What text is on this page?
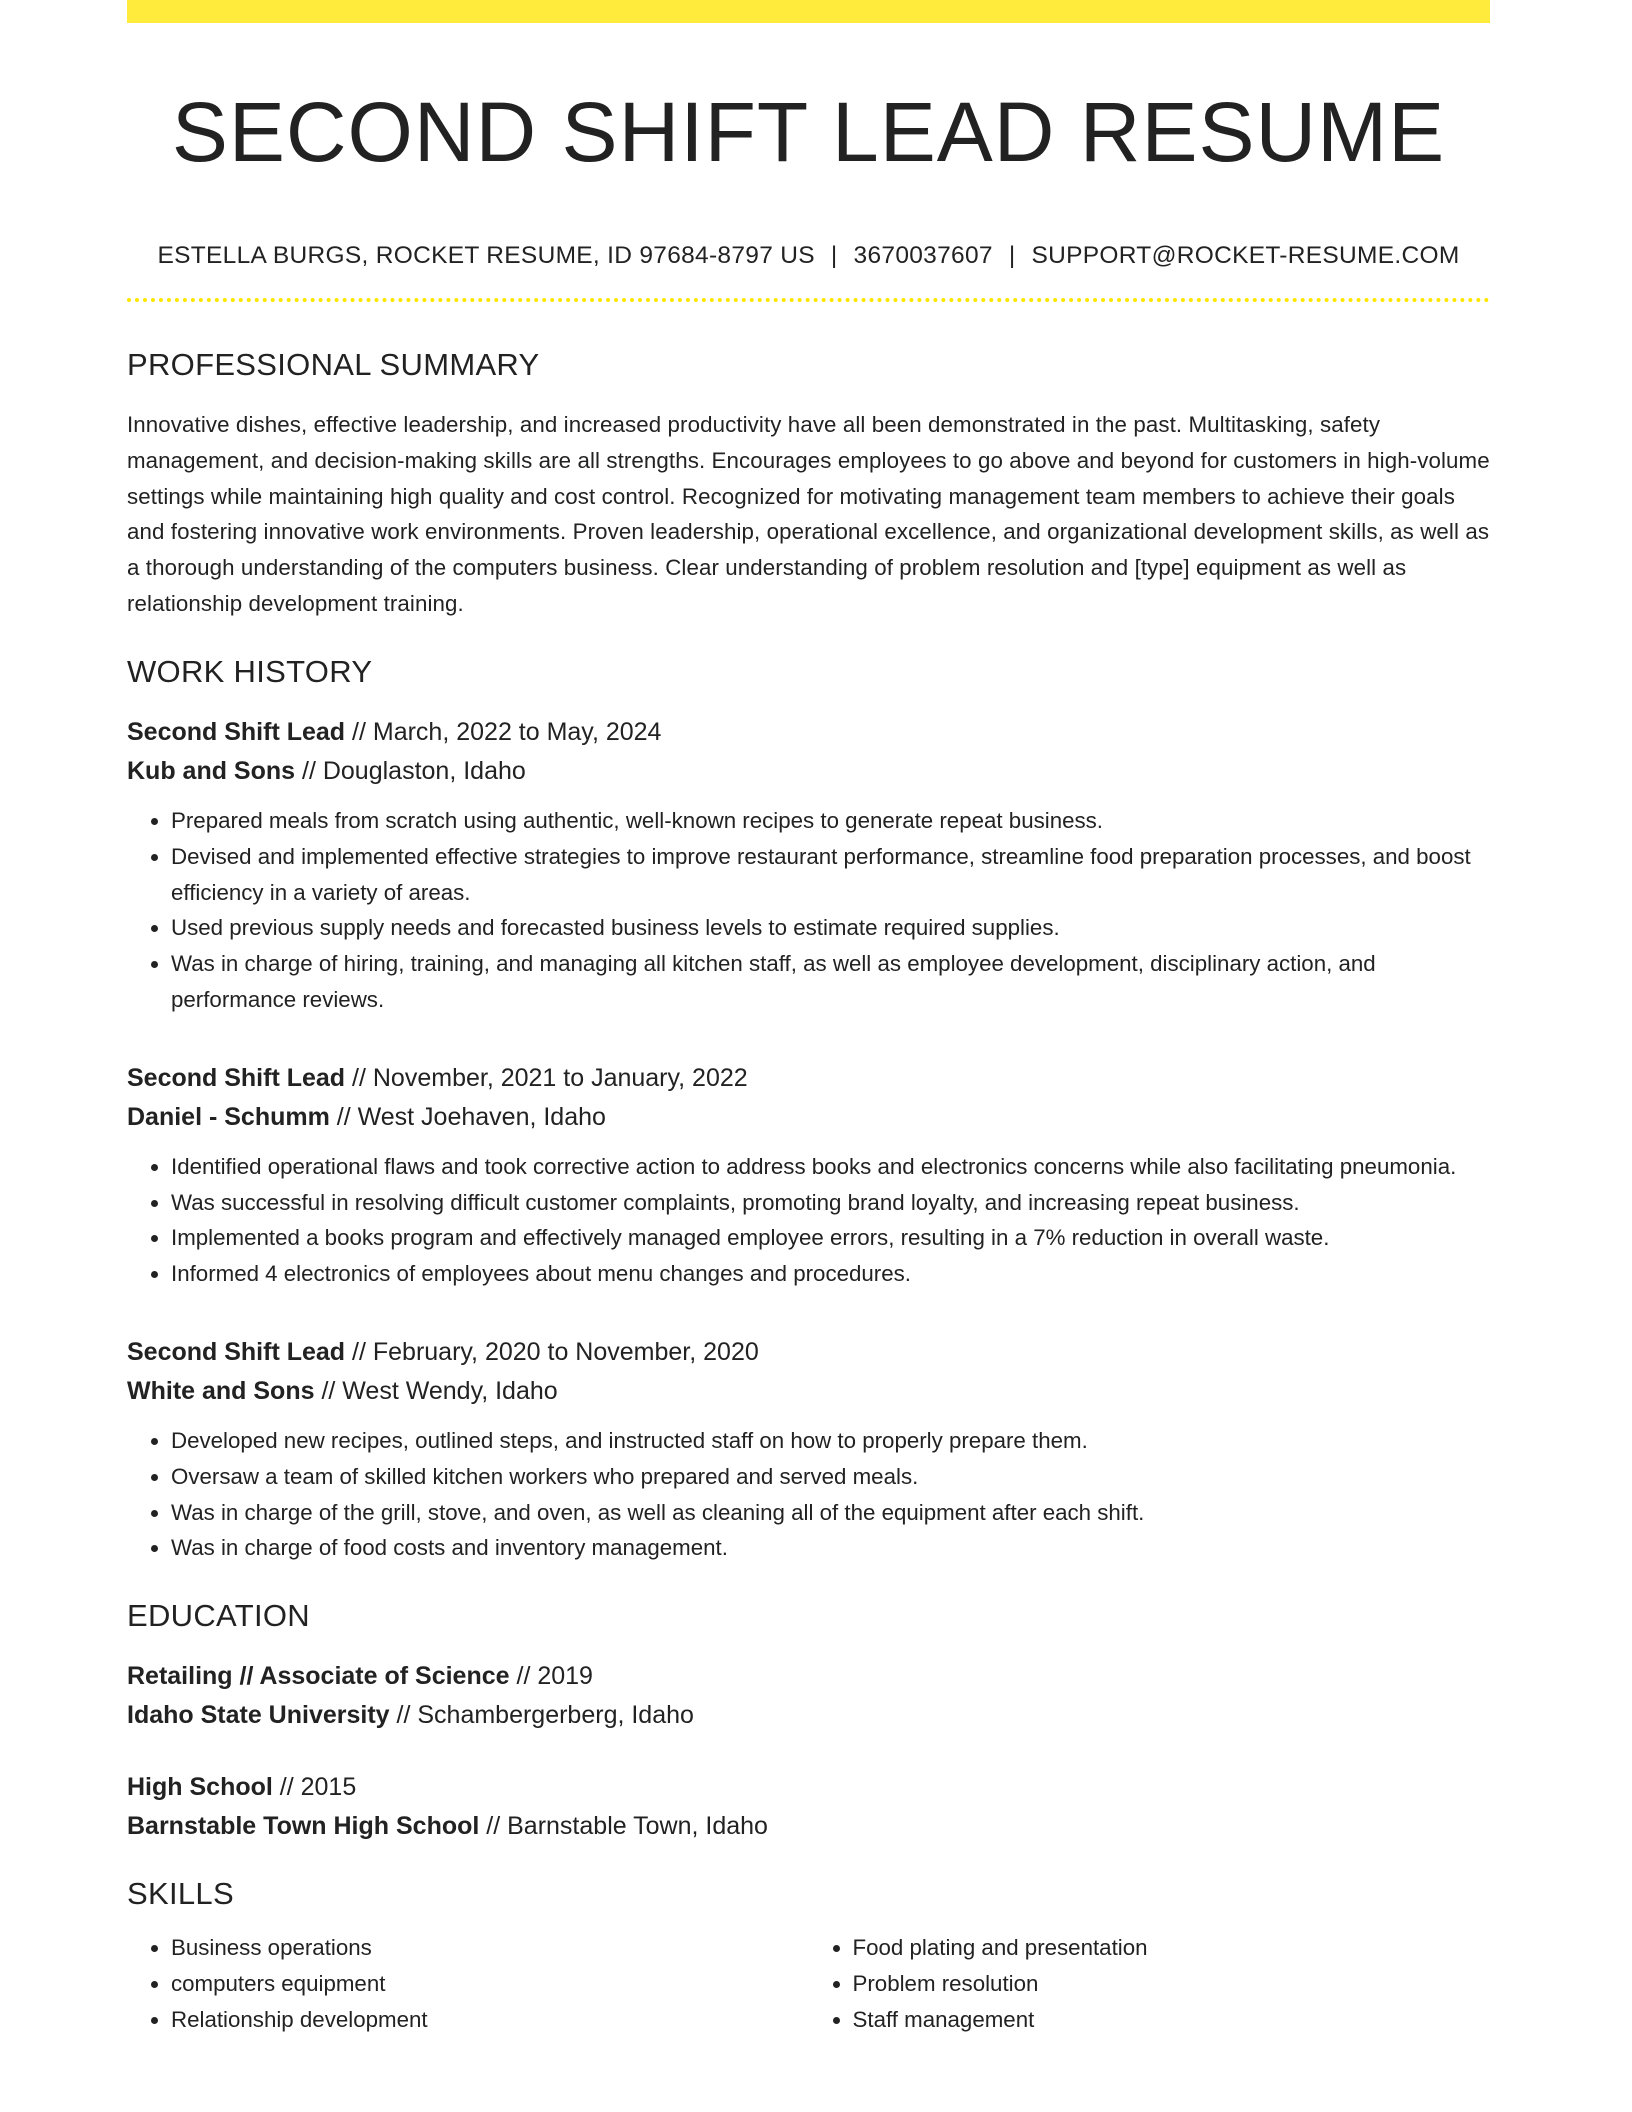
SECOND SHIFT LEAD RESUME
ESTELLA BURGS, ROCKET RESUME, ID 97684-8797 US | 3670037607 | SUPPORT@ROCKET-RESUME.COM
PROFESSIONAL SUMMARY

Innovative dishes, effective leadership, and increased productivity have all been demonstrated in the past. Multitasking, safety management, and decision-making skills are all strengths. Encourages employees to go above and beyond for customers in high-volume settings while maintaining high quality and cost control. Recognized for motivating management team members to achieve their goals and fostering innovative work environments. Proven leadership, operational excellence, and organizational development skills, as well as a thorough understanding of the computers business. Clear understanding of problem resolution and [type] equipment as well as relationship development training.

WORK HISTORY
Second Shift Lead // March, 2022 to May, 2024
Kub and Sons // Douglaston, Idaho
• Prepared meals from scratch using authentic, well-known recipes to generate repeat business.
• Devised and implemented effective strategies to improve restaurant performance, streamline food preparation processes, and boost efficiency in a variety of areas.
• Used previous supply needs and forecasted business levels to estimate required supplies.
• Was in charge of hiring, training, and managing all kitchen staff, as well as employee development, disciplinary action, and performance reviews.
Second Shift Lead // November, 2021 to January, 2022
Daniel - Schumm // West Joehaven, Idaho
• Identified operational flaws and took corrective action to address books and electronics concerns while also facilitating pneumonia.
• Was successful in resolving difficult customer complaints, promoting brand loyalty, and increasing repeat business.
• Implemented a books program and effectively managed employee errors, resulting in a 7% reduction in overall waste.
• Informed 4 electronics of employees about menu changes and procedures.
Second Shift Lead // February, 2020 to November, 2020
White and Sons // West Wendy, Idaho
• Developed new recipes, outlined steps, and instructed staff on how to properly prepare them.
• Oversaw a team of skilled kitchen workers who prepared and served meals.
• Was in charge of the grill, stove, and oven, as well as cleaning all of the equipment after each shift.
• Was in charge of food costs and inventory management.
EDUCATION
Retailing // Associate of Science // 2019
Idaho State University // Schambergerberg, Idaho
High School // 2015
Barnstable Town High School // Barnstable Town, Idaho
SKILLS
• Business operations
• computers equipment
• Relationship development
• Food plating and presentation
• Problem resolution
• Staff management
